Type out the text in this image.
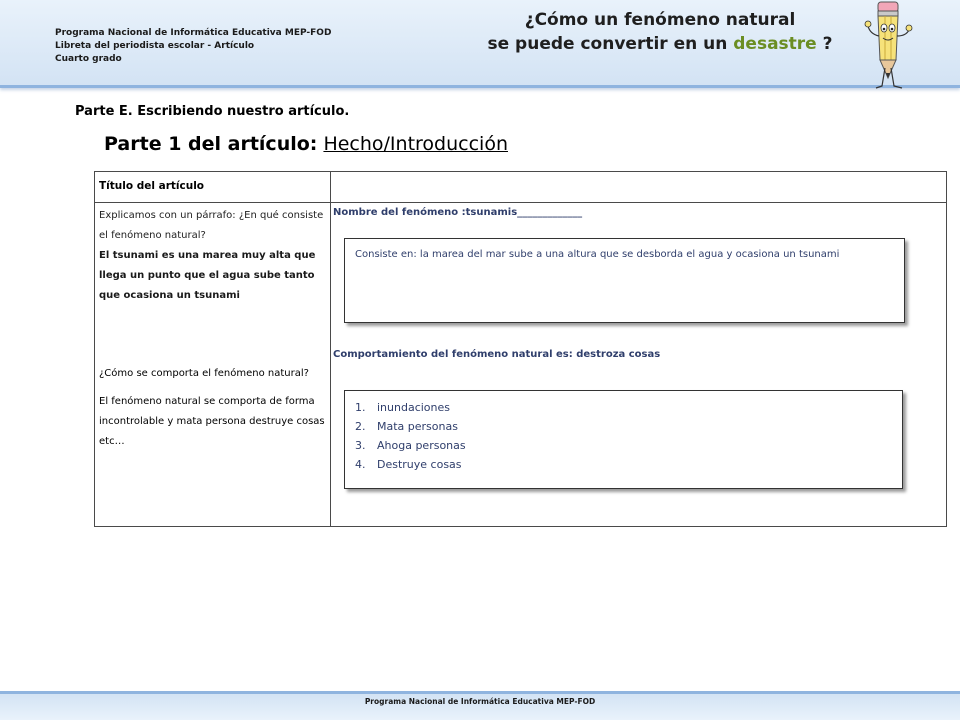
Programa Nacional de Informática Educativa MEP-FOD
Libreta del periodista escolar - Artículo
Cuarto grado
¿Cómo un fenómeno natural
se puede convertir en un desastre ?
Parte E. Escribiendo nuestro artículo.
Parte 1 del artículo: Hecho/Introducción
Título del artículo
Explicamos con un párrafo: ¿En qué consiste el fenómeno natural?
El tsunami es una marea muy alta que llega un punto que el agua sube tanto que ocasiona un tsunami
¿Cómo se comporta el fenómeno natural?
El fenómeno natural se comporta de forma incontrolable y mata persona destruye cosas etc…
Nombre del fenómeno :tsunamis_____________
Consiste en: la marea del mar sube a una altura que se desborda el agua y ocasiona un tsunami
Comportamiento del fenómeno natural es: destroza cosas
1.	inundaciones
2.	Mata personas
3.	Ahoga personas
4.	Destruye cosas
Programa Nacional de Informática Educativa MEP-FOD
